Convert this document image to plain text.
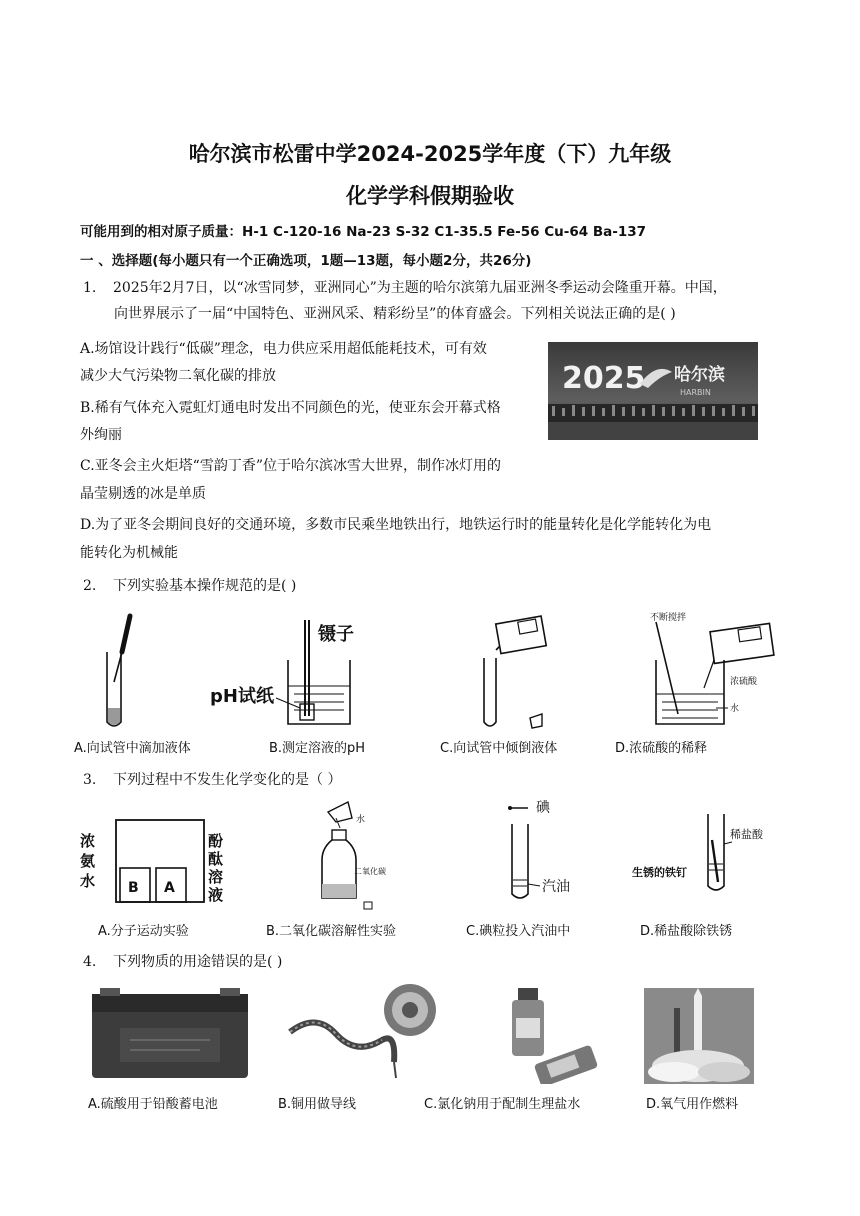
哈尔滨市松雷中学2024-2025学年度（下）九年级
化学学科假期验收
可能用到的相对原子质量：H-1 C-120-16 Na-23 S-32 C1-35.5 Fe-56 Cu-64 Ba-137
一 、选择题(每小题只有一个正确选项，1题—13题，每小题2分，共26分)
1. 2025年2月7日，以“冰雪同梦，亚洲同心”为主题的哈尔滨第九届亚洲冬季运动会隆重开幕。中国，
向世界展示了一届“中国特色、亚洲风采、精彩纷呈”的体育盛会。下列相关说法正确的是( )
A.场馆设计践行“低碳”理念，电力供应采用超低能耗技术，可有效
减少大气污染物二氧化碳的排放
B.稀有气体充入霓虹灯通电时发出不同颜色的光，使亚东会开幕式格
外绚丽
C.亚冬会主火炬塔“雪韵丁香”位于哈尔滨冰雪大世界，制作冰灯用的
晶莹剔透的冰是单质
D.为了亚冬会期间良好的交通环境，多数市民乘坐地铁出行，地铁运行时的能量转化是化学能转化为电
能转化为机械能
2025 哈尔滨
HARBIN
2. 下列实验基本操作规范的是( )
镊子
pH试纸
不断搅拌
浓硫酸
水
A.向试管中滴加液体	B.测定溶液的pH	C.向试管中倾倒液体	D.浓硫酸的稀释
3. 下列过程中不发生化学变化的是（ ）
浓
氨
水 B A
酚
酞
溶
液
水
二氧化碳
碘
汽油
稀盐酸
生锈的铁钉
A.分子运动实验	B.二氧化碳溶解性实验	C.碘粒投入汽油中	D.稀盐酸除铁锈
4. 下列物质的用途错误的是( )
A.硫酸用于铅酸蓄电池	B.铜用做导线	C.氯化钠用于配制生理盐水	D.氧气用作燃料
